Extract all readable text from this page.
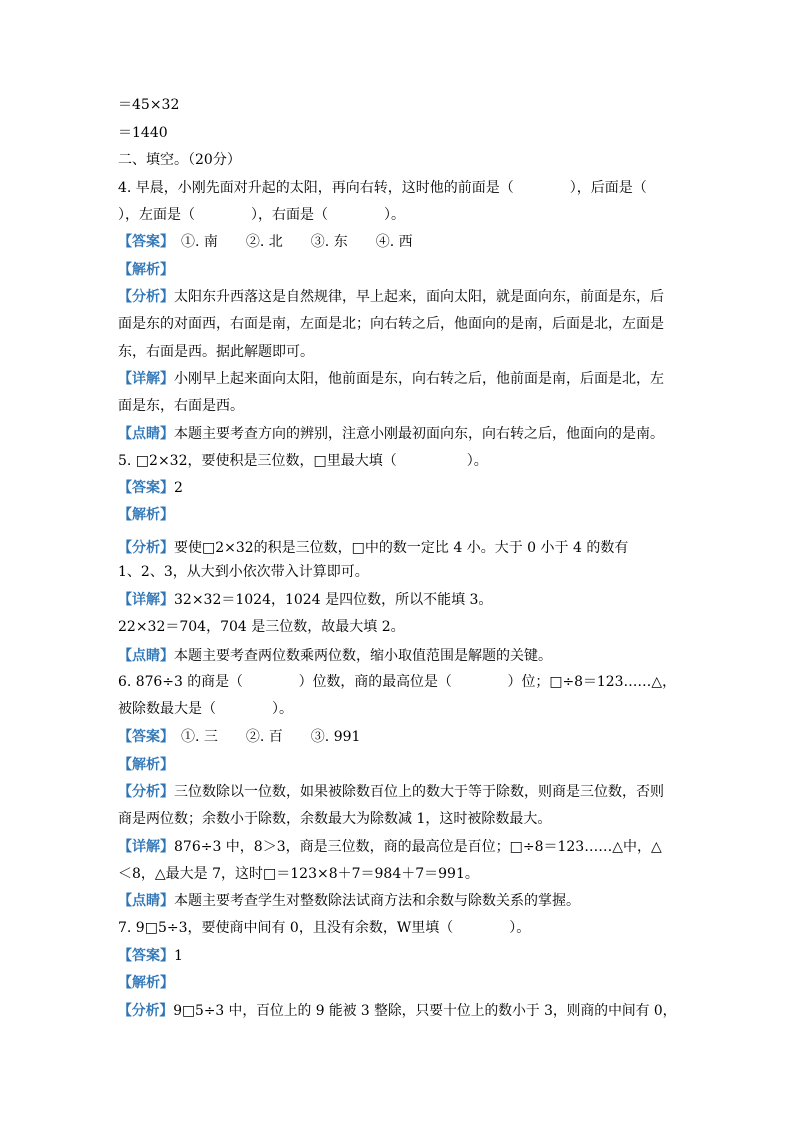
＝45×32
＝1440
二、填空。（20分）
4. 早晨，小刚先面对升起的太阳，再向右转，这时他的前面是（　　　　），后面是（
），左面是（　　　　），右面是（　　　　）。
【答案】　①. 南　　②. 北　　③. 东　　④. 西
【解析】
【分析】太阳东升西落这是自然规律，早上起来，面向太阳，就是面向东，前面是东，后
面是东的对面西，右面是南，左面是北；向右转之后，他面向的是南，后面是北，左面是
东，右面是西。据此解题即可。
【详解】小刚早上起来面向太阳，他前面是东，向右转之后，他前面是南，后面是北，左
面是东，右面是西。
【点睛】本题主要考查方向的辨别，注意小刚最初面向东，向右转之后，他面向的是南。
5. □2×32，要使积是三位数，□里最大填（　　　　　）。
【答案】2
【解析】
【分析】要使□2×32的积是三位数，□中的数一定比 4 小。大于 0 小于 4 的数有
1、2、3，从大到小依次带入计算即可。
【详解】32×32＝1024，1024 是四位数，所以不能填 3。
22×32＝704，704 是三位数，故最大填 2。
【点睛】本题主要考查两位数乘两位数，缩小取值范围是解题的关键。
6. 876÷3 的商是（　　　　）位数，商的最高位是（　　　　）位；□÷8＝123……△，
被除数最大是（　　　　）。
【答案】　①. 三　　②. 百　　③. 991
【解析】
【分析】三位数除以一位数，如果被除数百位上的数大于等于除数，则商是三位数，否则
商是两位数；余数小于除数，余数最大为除数减 1，这时被除数最大。
【详解】876÷3 中，8＞3，商是三位数，商的最高位是百位；□÷8＝123……△中，△
＜8，△最大是 7，这时□＝123×8＋7＝984＋7＝991。
【点睛】本题主要考查学生对整数除法试商方法和余数与除数关系的掌握。
7. 9□5÷3，要使商中间有 0，且没有余数，W里填（　　　　）。
【答案】1
【解析】
【分析】9□5÷3 中，百位上的 9 能被 3 整除，只要十位上的数小于 3，则商的中间有 0，
